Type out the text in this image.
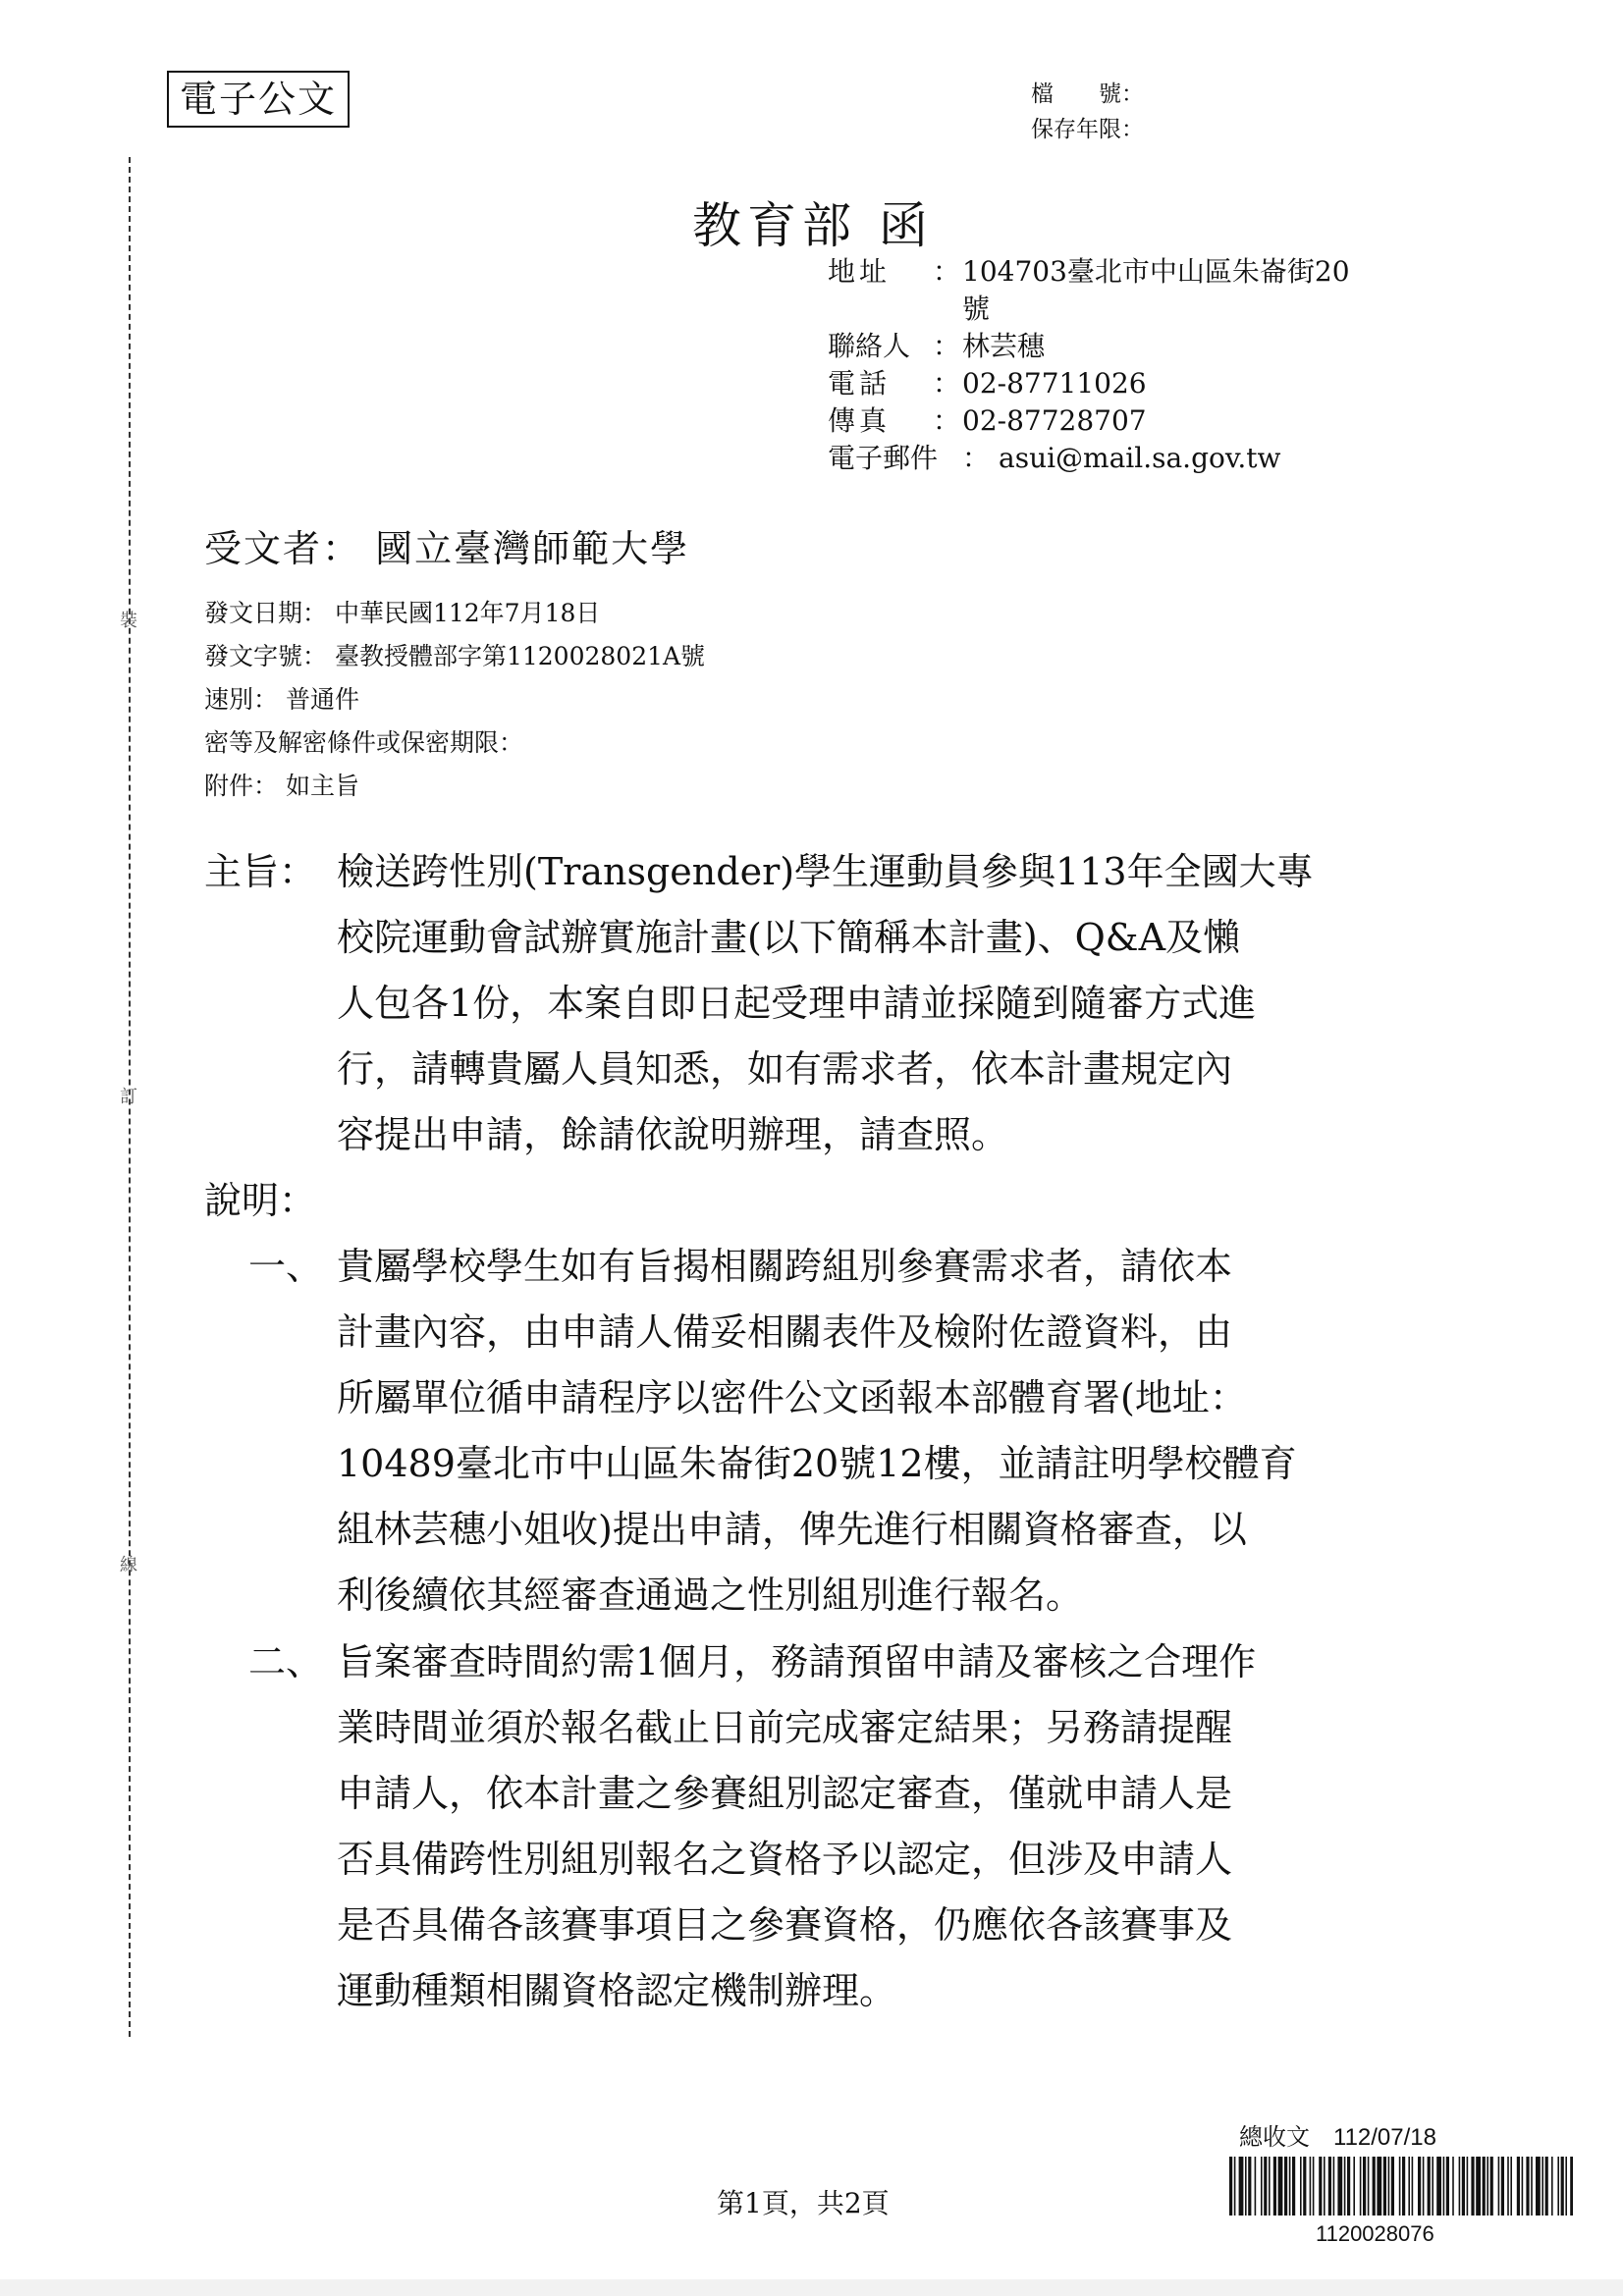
電子公文	檔　　號：
保存年限：
裝
訂
線
教育部 函
地址	： 104703臺北市中山區朱崙街20
號
聯絡人 ： 林芸穗
電話	： 02-87711026
傳真	： 02-87728707
電子郵件 ： asui@mail.sa.gov.tw
受文者： 國立臺灣師範大學
發文日期： 中華民國112年7月18日
發文字號： 臺教授體部字第1120028021A號
速別： 普通件
密等及解密條件或保密期限：
附件： 如主旨
主旨： 檢送跨性別(Transgender)學生運動員參與113年全國大專
校院運動會試辦實施計畫(以下簡稱本計畫)、Q&A及懶
人包各1份，本案自即日起受理申請並採隨到隨審方式進
行，請轉貴屬人員知悉，如有需求者，依本計畫規定內
容提出申請，餘請依說明辦理，請查照。
說明：
一、 貴屬學校學生如有旨揭相關跨組別參賽需求者，請依本
計畫內容，由申請人備妥相關表件及檢附佐證資料，由
所屬單位循申請程序以密件公文函報本部體育署(地址：
10489臺北市中山區朱崙街20號12樓，並請註明學校體育
組林芸穗小姐收)提出申請，俾先進行相關資格審查，以
利後續依其經審查通過之性別組別進行報名。
二、 旨案審查時間約需1個月，務請預留申請及審核之合理作
業時間並須於報名截止日前完成審定結果；另務請提醒
申請人，依本計畫之參賽組別認定審查，僅就申請人是
否具備跨性別組別報名之資格予以認定，但涉及申請人
是否具備各該賽事項目之參賽資格，仍應依各該賽事及
運動種類相關資格認定機制辦理。
總收文　112/07/18
1120028076
第1頁，共2頁
